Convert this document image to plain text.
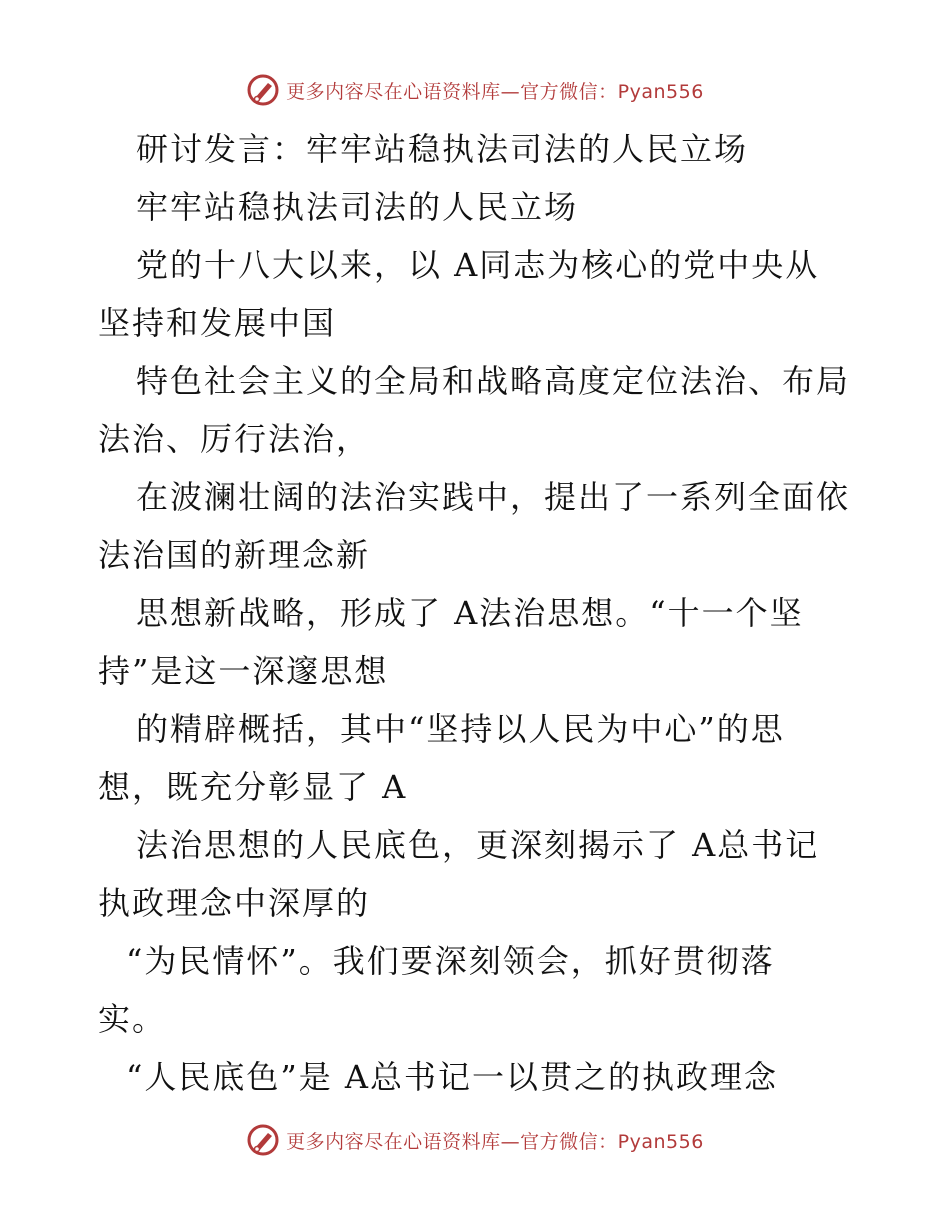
更多内容尽在心语资料库—官方微信：Pyan556
研讨发言：牢牢站稳执法司法的人民立场
牢牢站稳执法司法的人民立场
党的十八大以来，以 A同志为核心的党中央从
坚持和发展中国
特色社会主义的全局和战略高度定位法治、布局
法治、厉行法治，
在波澜壮阔的法治实践中，提出了一系列全面依
法治国的新理念新
思想新战略，形成了 A法治思想。“十一个坚
持”是这一深邃思想
的精辟概括，其中“坚持以人民为中心”的思
想，既充分彰显了 A
法治思想的人民底色，更深刻揭示了 A总书记
执政理念中深厚的
“为民情怀”。我们要深刻领会，抓好贯彻落
实。
“人民底色”是 A总书记一以贯之的执政理念
更多内容尽在心语资料库—官方微信：Pyan556
